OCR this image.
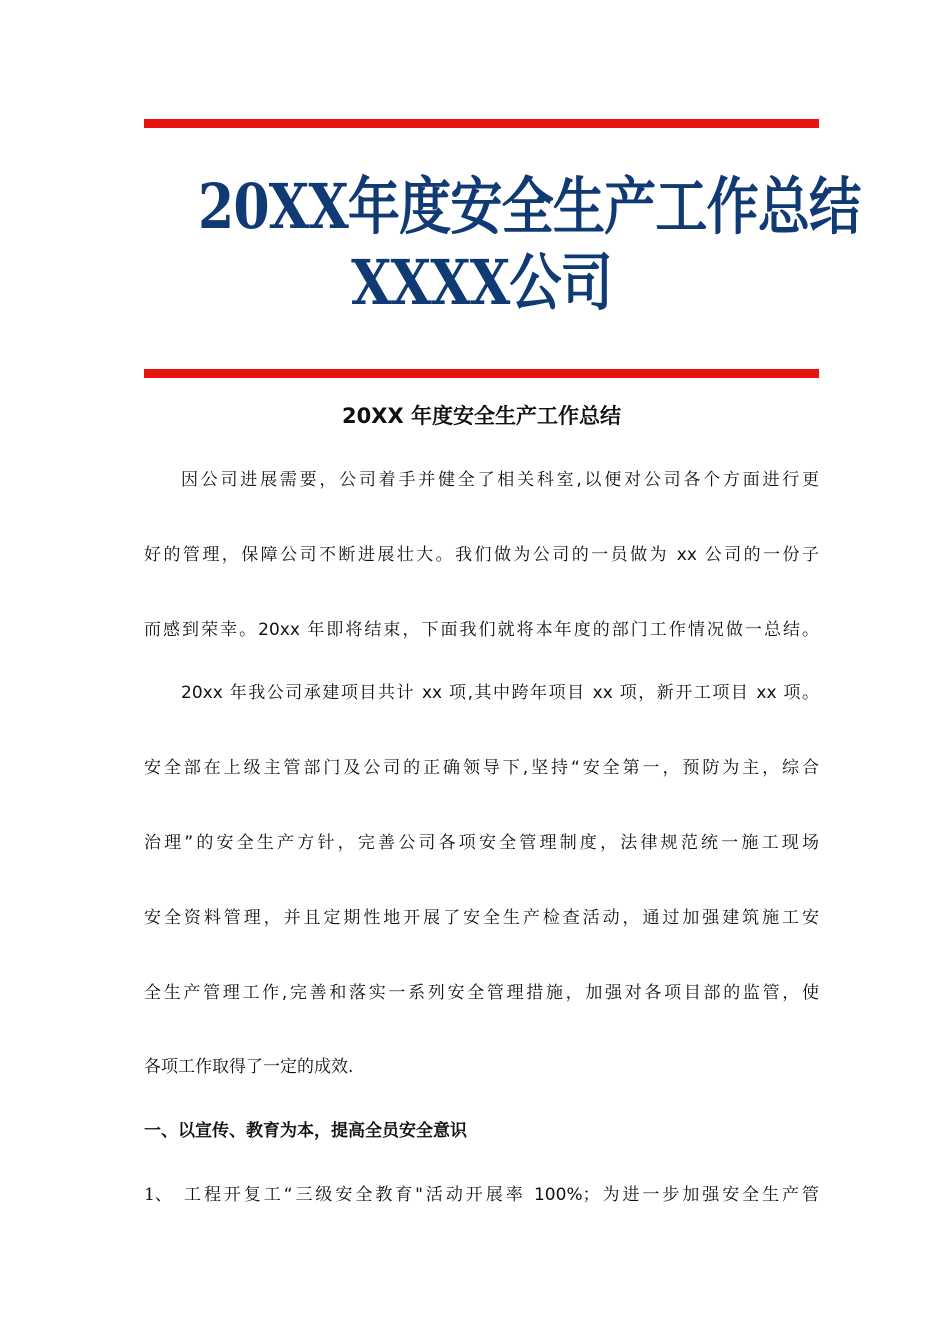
20XX年度安全生产工作总结
XXXX公司
20XX 年度安全生产工作总结
因公司进展需要，公司着手并健全了相关科室,以便对公司各个方面进行更
好的管理，保障公司不断进展壮大。我们做为公司的一员做为 xx 公司的一份子
而感到荣幸。20xx 年即将结束，下面我们就将本年度的部门工作情况做一总结。
20xx 年我公司承建项目共计 xx 项,其中跨年项目 xx 项，新开工项目 xx 项。
安全部在上级主管部门及公司的正确领导下,坚持“安全第一，预防为主，综合
治理”的安全生产方针，完善公司各项安全管理制度，法律规范统一施工现场
安全资料管理，并且定期性地开展了安全生产检查活动，通过加强建筑施工安
全生产管理工作,完善和落实一系列安全管理措施，加强对各项目部的监管，使
各项工作取得了一定的成效.
一、以宣传、教育为本，提高全员安全意识
1、 工程开复工“三级安全教育"活动开展率 100%；为进一步加强安全生产管
